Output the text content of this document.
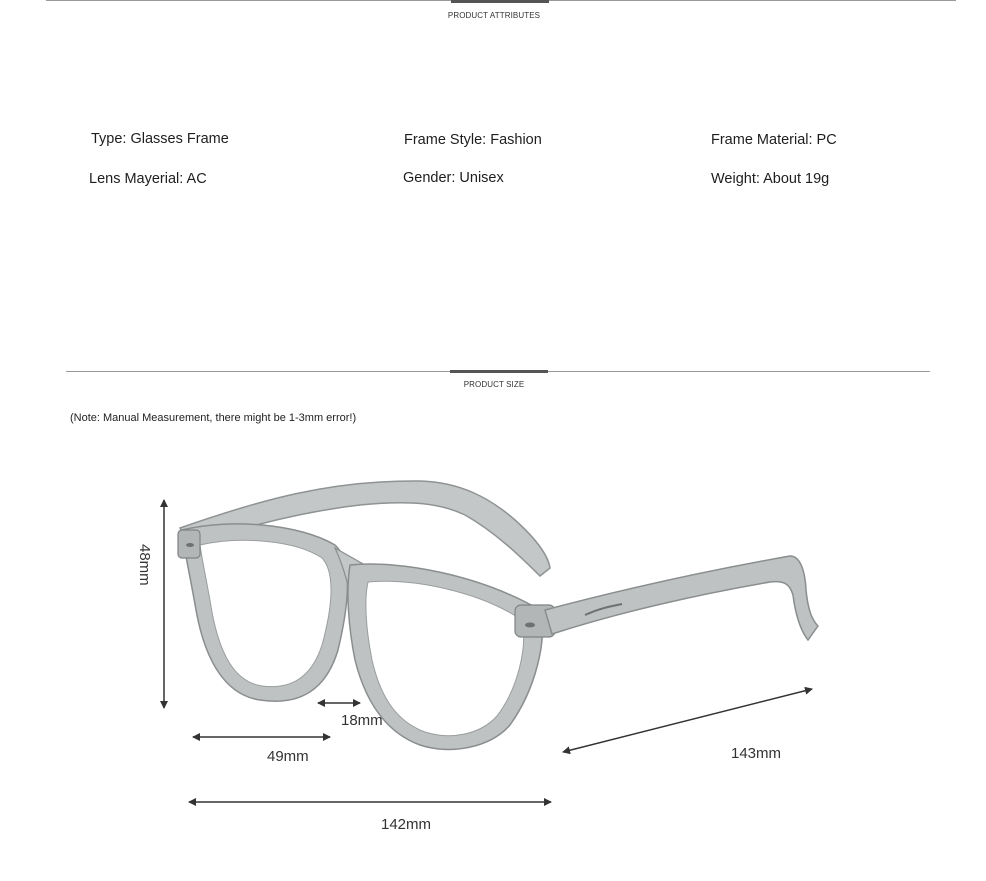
PRODUCT ATTRIBUTES
Type: Glasses Frame	Frame Style: Fashion	Frame Material: PC
Lens Mayerial: AC	Gender: Unisex	Weight: About 19g
PRODUCT SIZE
(Note: Manual Measurement, there might be 1-3mm error!)
48mm
18mm
49mm	143mm
142mm
